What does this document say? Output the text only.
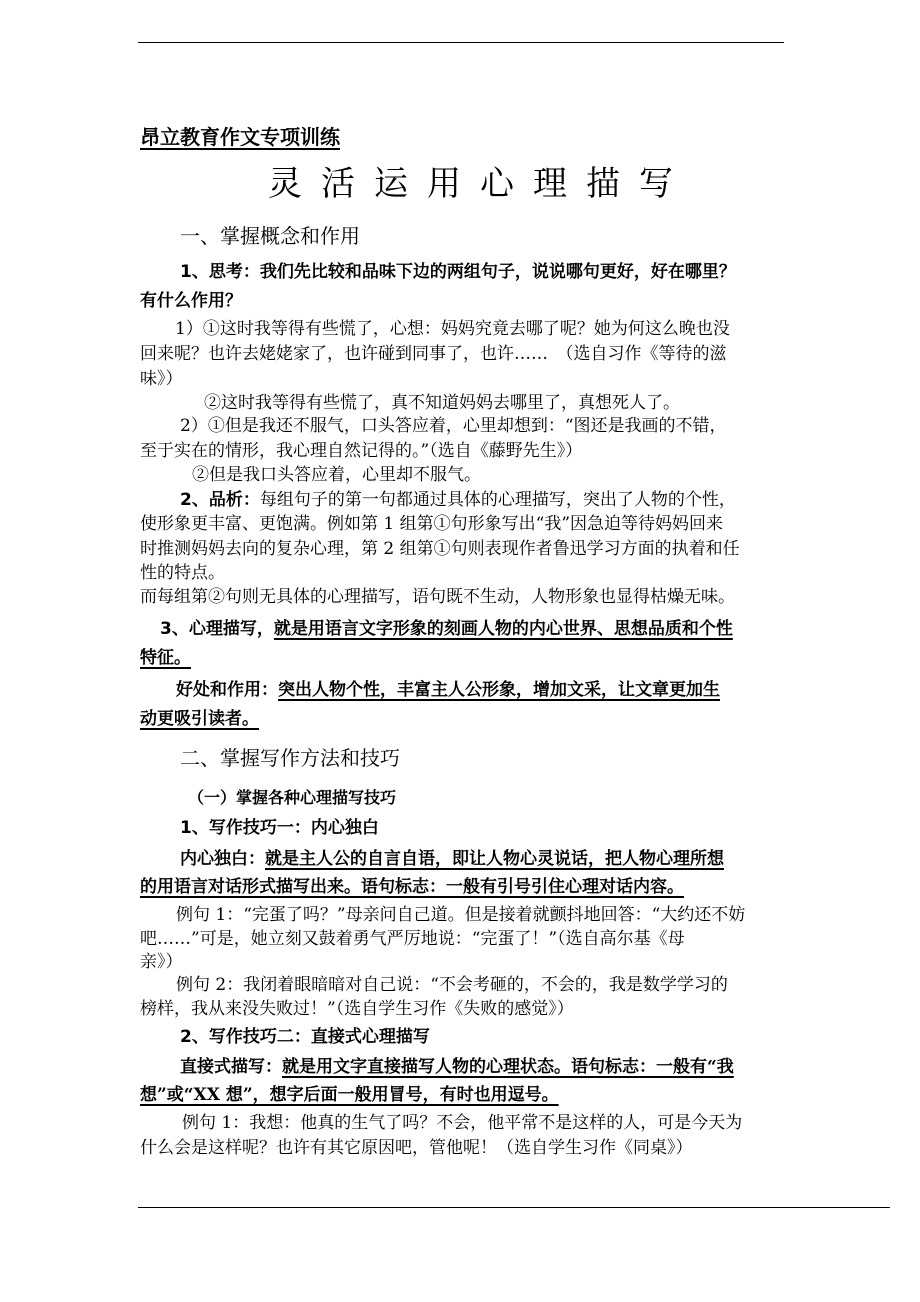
昂立教育作文专项训练
灵活运用心理描写
一、掌握概念和作用
1、思考：我们先比较和品味下边的两组句子，说说哪句更好，好在哪里？
有什么作用？
1）①这时我等得有些慌了，心想：妈妈究竟去哪了呢？她为何这么晚也没
回来呢？也许去姥姥家了，也许碰到同事了，也许……　（选自习作《等待的滋
味》）
②这时我等得有些慌了，真不知道妈妈去哪里了，真想死人了。
2）①但是我还不服气，口头答应着，心里却想到：“图还是我画的不错，
至于实在的情形，我心理自然记得的。”（选自《藤野先生》）
②但是我口头答应着，心里却不服气。
2、品析：每组句子的第一句都通过具体的心理描写，突出了人物的个性，
使形象更丰富、更饱满。例如第 1 组第①句形象写出“我”因急迫等待妈妈回来
时推测妈妈去向的复杂心理，第 2 组第①句则表现作者鲁迅学习方面的执着和任
性的特点。
而每组第②句则无具体的心理描写，语句既不生动，人物形象也显得枯燥无味。
3、心理描写，就是用语言文字形象的刻画人物的内心世界、思想品质和个性
特征。
好处和作用：突出人物个性，丰富主人公形象，增加文采，让文章更加生
动更吸引读者。
二、掌握写作方法和技巧
（一）掌握各种心理描写技巧
1、写作技巧一：内心独白
内心独白：就是主人公的自言自语，即让人物心灵说话，把人物心理所想
的用语言对话形式描写出来。语句标志：一般有引号引住心理对话内容。
例句 1：“完蛋了吗？”母亲问自己道。但是接着就颤抖地回答：“大约还不妨
吧……”可是，她立刻又鼓着勇气严厉地说：“完蛋了！”（选自高尔基《母
亲》）
例句 2：我闭着眼暗暗对自己说：“不会考砸的，不会的，我是数学学习的
榜样，我从来没失败过！”（选自学生习作《失败的感觉》）
2、写作技巧二：直接式心理描写
直接式描写：就是用文字直接描写人物的心理状态。语句标志：一般有“我
想”或“XX 想”，想字后面一般用冒号，有时也用逗号。
例句 1：我想：他真的生气了吗？不会，他平常不是这样的人，可是今天为
什么会是这样呢？也许有其它原因吧，管他呢！（选自学生习作《同桌》）
